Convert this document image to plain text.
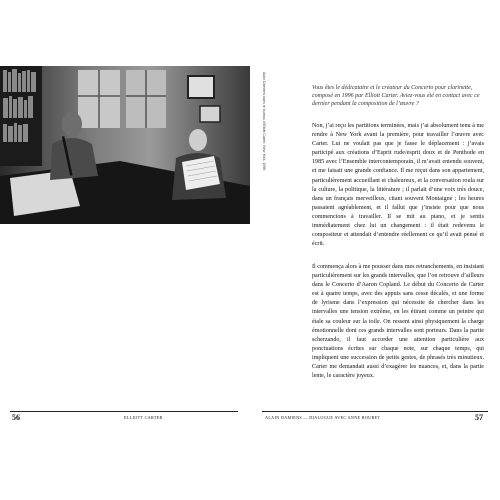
Alain Damiens dans le bureau d'Elliott Carter, New York, 1996
56	ELLIOTT CARTER
Vous êtes le dédicataire et le créateur du Concerto pour clarinette, composé en 1996 par Elliott Carter. Aviez-vous été en contact avec ce dernier pendant la composition de l’œuvre ?

Non, j’ai reçu les partitions terminées, mais j’ai absolument tenu à me rendre à New York avant la première, pour travailler l’œuvre avec Carter. Lui ne voulait pas que je fasse le déplacement : j’avais participé aux créations d’Esprit rude/esprit doux et de Penthode en 1985 avec l’Ensemble intercontemporain, il m’avait entendu souvent, et me faisait une grande confiance. Il me reçut dans son appartement, particulièrement accueillant et chaleureux, et la conversation roula sur la culture, la politique, la littérature ; il parlait d’une voix très douce, dans un français merveilleux, citant souvent Montaigne ; les heures passaient agréablement, et il fallut que j’insiste pour que nous commencions à travailler. Il se mit au piano, et je sentis immédiatement chez lui un changement : il était redevenu le compositeur et attendait d’entendre réellement ce qu’il avait pensé et écrit.

Il commença alors à me pousser dans mes retranchements, en insistant particulièrement sur les grands intervalles, que l’on retrouve d’ailleurs dans le Concerto d’Aaron Copland. Le début du Concerto de Carter est à quatre temps, avec des appuis sans cesse décalés, et une forme de lyrisme dans l’expression qui nécessite de chercher dans les intervalles une tension extrême, en les étirant comme un peintre qui étale sa couleur sur la toile. On ressent ainsi physiquement la charge émotionnelle dont ces grands intervalles sont porteurs. Dans la partie scherzando, il faut accorder une attention particulière aux ponctuations écrites sur chaque note, sur chaque temps, qui impliquent une succession de petits gestes, de phrasés très minutieux. Carter me demandait aussi d’exagérer les nuances, et, dans la partie lente, le caractère joyeux.

ALAIN DAMIENS — DIALOGUE AVEC ANNE ROUBET	57
